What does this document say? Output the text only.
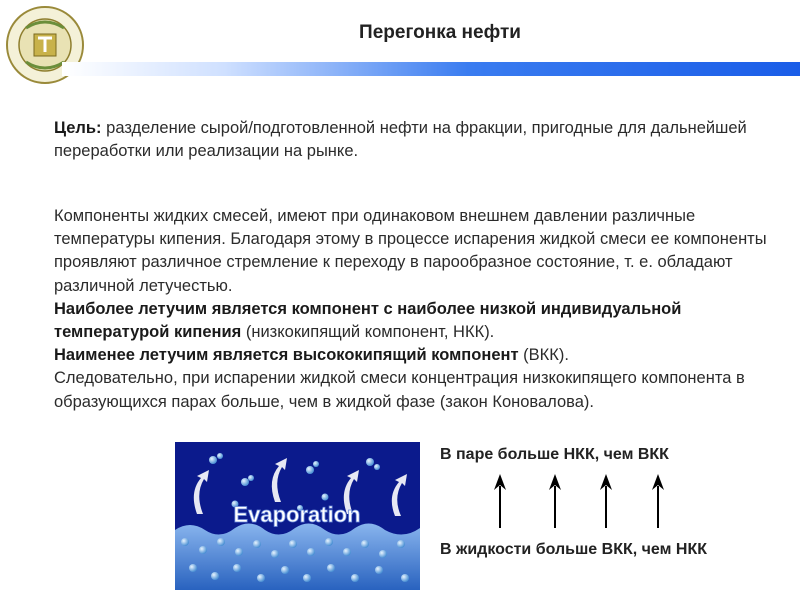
Перегонка нефти
Цель: разделение сырой/подготовленной нефти на фракции, пригодные для дальнейшей переработки или реализации на рынке.
Компоненты жидких смесей, имеют при одинаковом внешнем давлении различные температуры кипения. Благодаря этому в процессе испарения жидкой смеси ее компоненты проявляют различное стремление к переходу в парообразное состояние, т. е. обладают различной летучестью.
Наиболее летучим является компонент с наиболее низкой индивидуальной температурой кипения (низкокипящий компонент, НКК).
Наименее летучим является высококипящий компонент (ВКК).
Следовательно, при испарении жидкой смеси концентрация низкокипящего компонента в образующихся парах больше, чем в жидкой фазе (закон Коновалова).
Evaporation
В паре больше НКК, чем ВКК
В жидкости больше ВКК, чем НКК
